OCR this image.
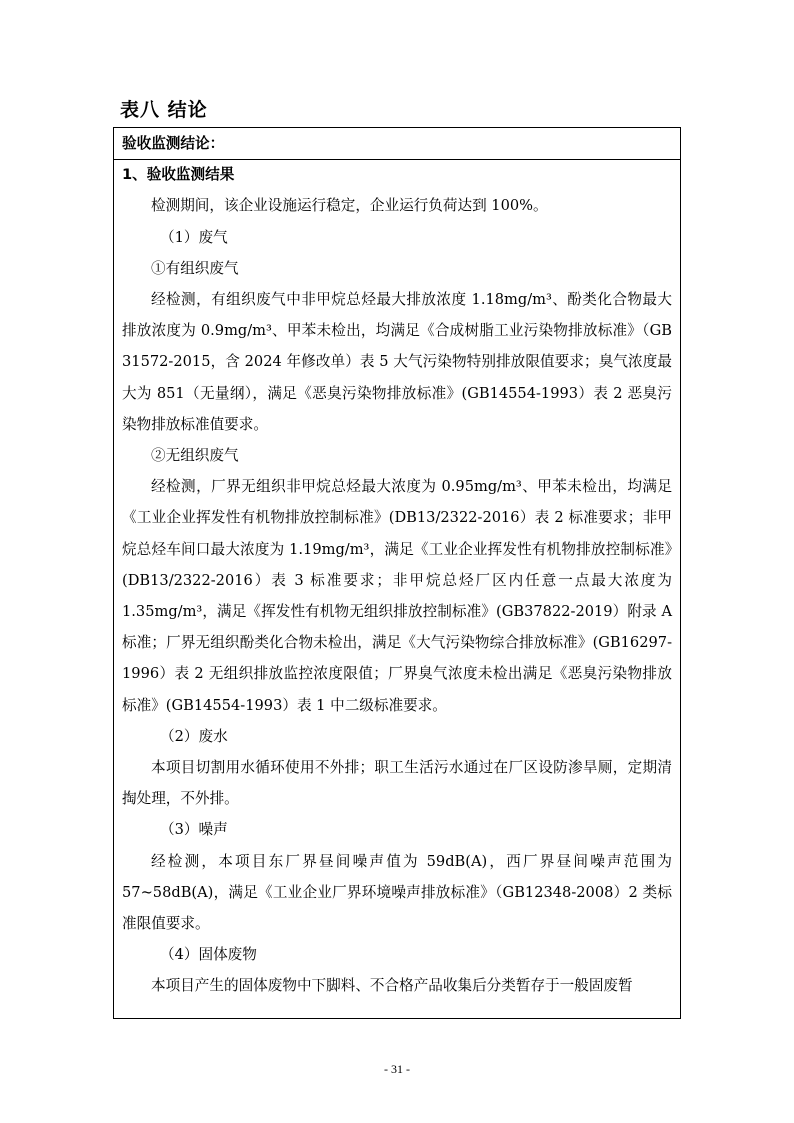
表八 结论

验收监测结论：

1、验收监测结果

检测期间，该企业设施运行稳定，企业运行负荷达到 100%。

（1）废气

①有组织废气

经检测，有组织废气中非甲烷总烃最大排放浓度 1.18mg/m³、酚类化合物最大排放浓度为 0.9mg/m³、甲苯未检出，均满足《合成树脂工业污染物排放标准》（GB 31572-2015，含 2024 年修改单）表 5 大气污染物特别排放限值要求；臭气浓度最大为 851（无量纲），满足《恶臭污染物排放标准》(GB14554-1993）表 2 恶臭污染物排放标准值要求。

②无组织废气

经检测，厂界无组织非甲烷总烃最大浓度为 0.95mg/m³、甲苯未检出，均满足《工业企业挥发性有机物排放控制标准》(DB13/2322-2016）表 2 标准要求；非甲烷总烃车间口最大浓度为 1.19mg/m³，满足《工业企业挥发性有机物排放控制标准》(DB13/2322-2016）表 3 标准要求；非甲烷总烃厂区内任意一点最大浓度为 1.35mg/m³，满足《挥发性有机物无组织排放控制标准》(GB37822-2019）附录 A 标准；厂界无组织酚类化合物未检出，满足《大气污染物综合排放标准》(GB16297-1996）表 2 无组织排放监控浓度限值；厂界臭气浓度未检出满足《恶臭污染物排放标准》(GB14554-1993）表 1 中二级标准要求。

（2）废水

本项目切割用水循环使用不外排；职工生活污水通过在厂区设防渗旱厕，定期清掏处理，不外排。

（3）噪声

经检测，本项目东厂界昼间噪声值为 59dB(A)，西厂界昼间噪声范围为 57~58dB(A)，满足《工业企业厂界环境噪声排放标准》（GB12348-2008）2 类标准限值要求。

（4）固体废物

本项目产生的固体废物中下脚料、不合格产品收集后分类暂存于一般固废暂

- 31 -
